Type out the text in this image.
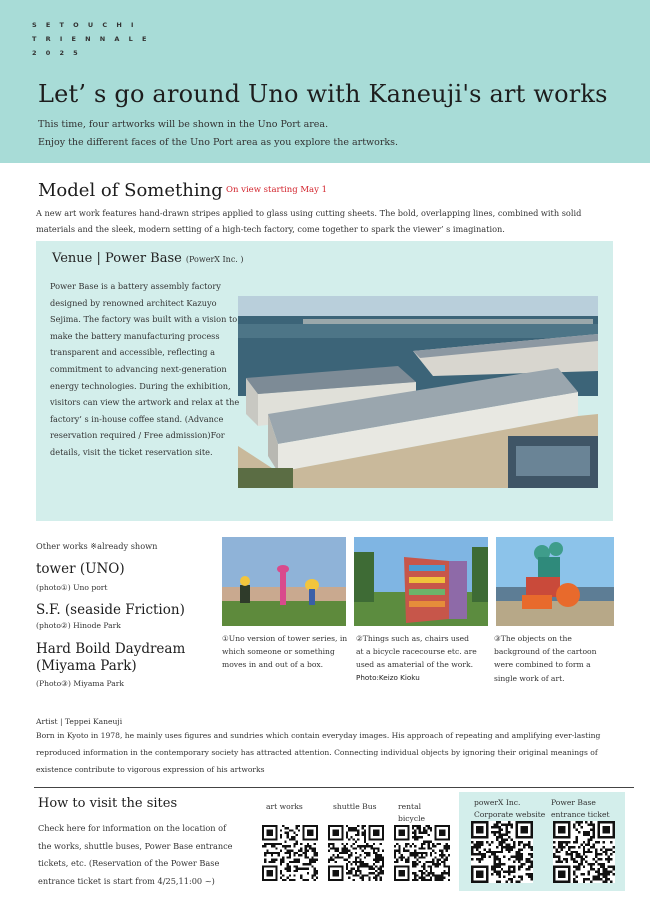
SETOUCHI
TRIENNALE
2025
Let’ s go around Uno with Kaneuji's art works
This time, four artworks will be shown in the Uno Port area.
Enjoy the different faces of the Uno Port area as you explore the artworks.
Model of Something On view starting May 1
A new art work features hand-drawn stripes applied to glass using cutting sheets. The bold, overlapping lines, combined with solid materials and the sleek, modern setting of a high-tech factory, come together to spark the viewer’ s imagination.
Venue | Power Base (PowerX Inc. )
Power Base is a battery assembly factory designed by renowned architect Kazuyo Sejima. The factory was built with a vision to make the battery manufacturing process transparent and accessible, reflecting a commitment to advancing next-generation energy technologies. During the exhibition, visitors can view the artwork and relax at the factory’ s in-house coffee stand. (Advance reservation required / Free admission)For details, visit the ticket reservation site.
Other works ※already shown
tower (UNO)
(photo①) Uno port
S.F. (seaside Friction)
(photo②) Hinode Park
Hard Boild Daydream (Miyama Park)
(Photo③) Miyama Park
①Uno version of tower series, in which someone or something moves in and out of a box.
②Things such as, chairs used at a bicycle racecourse etc. are used as amaterial of the work.
Photo:Keizo Kioku
③The objects on the background of the cartoon were combined to form a single work of art.
Artist | Teppei Kaneuji
Born in Kyoto in 1978, he mainly uses figures and sundries which contain everyday images. His approach of repeating and amplifying ever-lasting reproduced information in the contemporary society has attracted attention. Connecting individual objects by ignoring their original meanings of existence contribute to vigorous expression of his artworks
How to visit the sites
Check here for information on the location of the works, shuttle buses, Power Base entrance tickets, etc. (Reservation of the Power Base entrance ticket is start from 4/25,11:00 ~)
art works	shuttle Bus	rental bicycle
powerX Inc. Corporate website
Power Base entrance ticket
